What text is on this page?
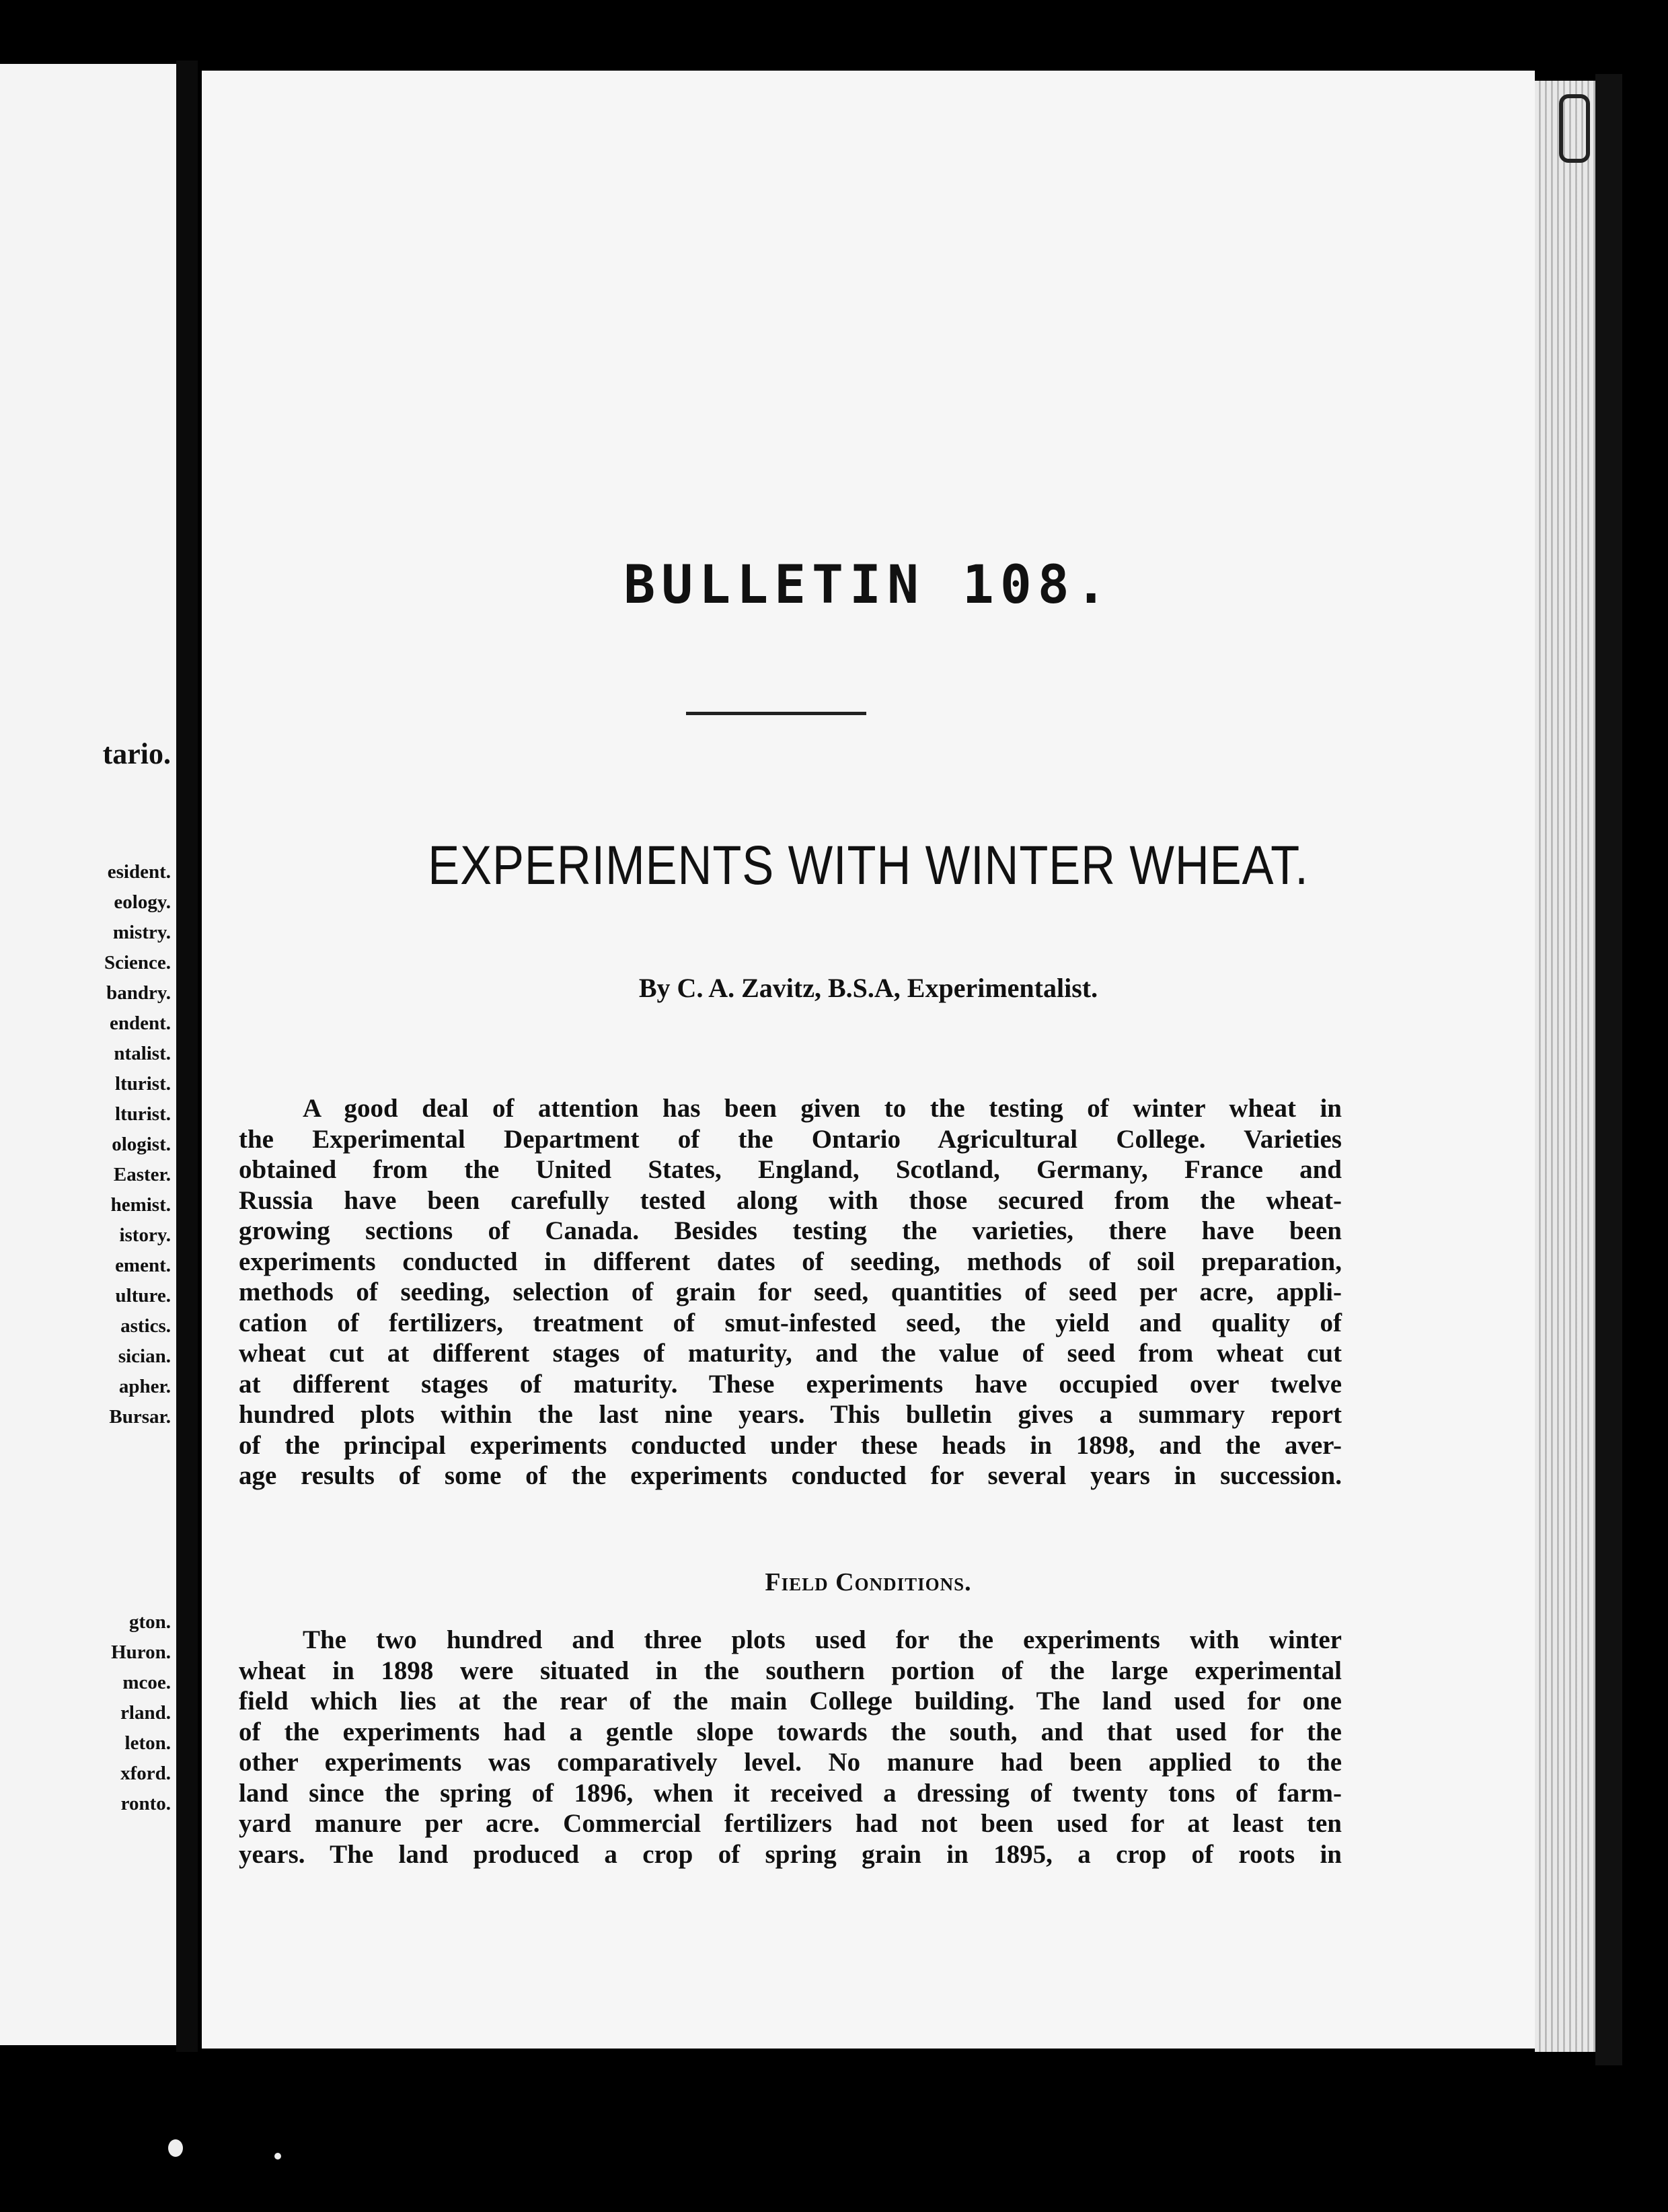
tario.
esident.
eology.
mistry.
Science.
bandry.
endent.
ntalist.
lturist.
lturist.
ologist.
Easter.
hemist.
istory.
ement.
ulture.
astics.
sician.
apher.
Bursar.
gton.
Huron.
mcoe.
rland.
leton.
xford.
ronto.
BULLETIN 108.
EXPERIMENTS WITH WINTER WHEAT.
By C. A. Zavitz, B.S.A, Experimentalist.
A good deal of attention has been given to the testing of winter wheat in
the Experimental Department of the Ontario Agricultural College. Varieties
obtained from the United States, England, Scotland, Germany, France and
Russia have been carefully tested along with those secured from the wheat-
growing sections of Canada. Besides testing the varieties, there have been
experiments conducted in different dates of seeding, methods of soil preparation,
methods of seeding, selection of grain for seed, quantities of seed per acre, appli-
cation of fertilizers, treatment of smut-infested seed, the yield and quality of
wheat cut at different stages of maturity, and the value of seed from wheat cut
at different stages of maturity. These experiments have occupied over twelve
hundred plots within the last nine years. This bulletin gives a summary report
of the principal experiments conducted under these heads in 1898, and the aver-
age results of some of the experiments conducted for several years in succession.
Field Conditions.
The two hundred and three plots used for the experiments with winter
wheat in 1898 were situated in the southern portion of the large experimental
field which lies at the rear of the main College building. The land used for one
of the experiments had a gentle slope towards the south, and that used for the
other experiments was comparatively level. No manure had been applied to the
land since the spring of 1896, when it received a dressing of twenty tons of farm-
yard manure per acre. Commercial fertilizers had not been used for at least ten
years. The land produced a crop of spring grain in 1895, a crop of roots in
